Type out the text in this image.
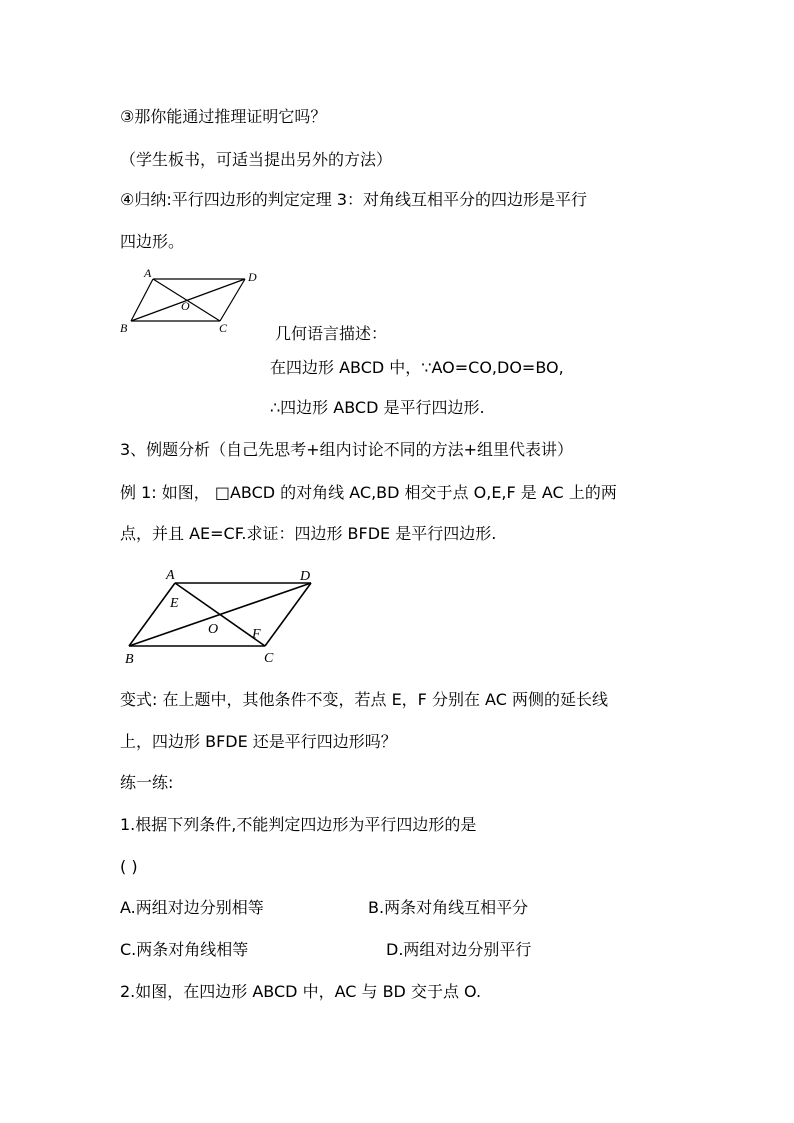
③那你能通过推理证明它吗？
（学生板书，可适当提出另外的方法）
④归纳:平行四边形的判定定理 3：对角线互相平分的四边形是平行
四边形。
A	D
B	C
O
几何语言描述：
在四边形 ABCD 中，∵AO=CO,DO=BO,
∴四边形 ABCD 是平行四边形.
3、例题分析（自己先思考+组内讨论不同的方法+组里代表讲）
例 1: 如图， □ABCD 的对角线 AC,BD 相交于点 O,E,F 是 AC 上的两
点，并且 AE=CF.求证：四边形 BFDE 是平行四边形.
A	D
B	C
E
O F
变式: 在上题中，其他条件不变，若点 E，F 分别在 AC 两侧的延长线
上，四边形 BFDE 还是平行四边形吗？
练一练:
1.根据下列条件,不能判定四边形为平行四边形的是
( )
A.两组对边分别相等	B.两条对角线互相平分
C.两条对角线相等	D.两组对边分别平行
2.如图，在四边形 ABCD 中，AC 与 BD 交于点 O.
